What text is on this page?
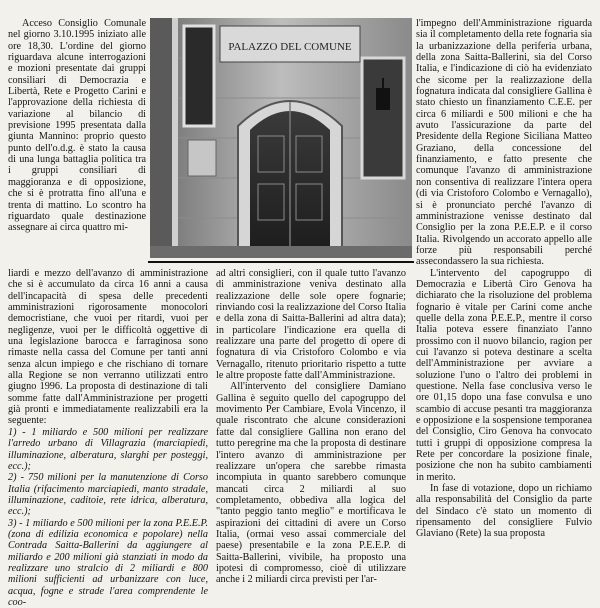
Acceso Consiglio Comunale nel giorno 3.10.1995 iniziato alle ore 18,30. L'ordine del giorno riguardava alcune interrogazioni e mozioni presentate dai gruppi consiliari di Democrazia e Libertà, Rete e Progetto Carini e l'approvazione della richiesta di variazione al bilancio di previsione 1995 presentata dalla giunta Mannino: proprio questo punto dell'o.d.g. è stato la causa di una lunga battaglia politica tra i gruppi consiliari di maggioranza e di opposizione, che si è protratta fino all'una e trenta di mattino. Lo scontro ha riguardato quale destinazione assegnare ai circa quattro mi-

PALAZZO DEL COMUNE

liardi e mezzo dell'avanzo di amministrazione che si è accumulato da circa 16 anni a causa dell'incapacità di spesa delle precedenti amministrazioni rigorosamente monocolori democristiane, che vuoi per ritardi, vuoi per negligenze, vuoi per le difficoltà oggettive di una legislazione barocca e farraginosa sono rimaste nella cassa del Comune per tanti anni senza alcun impiego e che rischiano di tornare alla Regione se non verranno utilizzati entro giugno 1996. La proposta di destinazione di tali somme fatte dall'Amministrazione per progetti già pronti e immediatamente realizzabili era la seguente:

1) - 1 miliardo e 500 milioni per realizzare l'arredo urbano di Villagrazia (marciapiedi, illuminazione, alberatura, slarghi per posteggi, ecc.);

2) - 750 milioni per la manutenzione di Corso Italia (rifacimento marciapiedi, manto stradale, illuminazione, caditoie, rete idrica, alberatura, ecc.);

3) - 1 miliardo e 500 milioni per la zona P.E.E.P. (zona di edilizia economica e popolare) nella Contrada Saitta-Ballerini da aggiungere al miliardo e 200 milioni già stanziati in modo da realizzare uno stralcio di 2 miliardi e 800 milioni sufficienti ad urbanizzare con luce, acqua, fogne e strade l'area comprendente le coo-

ad altri consiglieri, con il quale tutto l'avanzo di amministrazione veniva destinato alla realizzazione delle sole opere fognarie; rinviando così la realizzazione del Corso Italia e della zona di Saitta-Ballerini ad altra data); in particolare l'indicazione era quella di realizzare una parte del progetto di opere di fognatura di via Cristoforo Colombo e via Vernagallo, ritenuto prioritario rispetto a tutte le altre proposte fatte dall'Amministrazione.

All'intervento del consigliere Damiano Gallina è seguito quello del capogruppo del movimento Per Cambiare, Evola Vincenzo, il quale riscontrato che alcune considerazioni fatte dal consigliere Gallina non erano del tutto peregrine ma che la proposta di destinare l'intero avanzo di amministrazione per realizzare un'opera che sarebbe rimasta incompiuta in quanto sarebbero comunque mancati circa 2 miliardi al suo completamento, obbediva alla logica del "tanto peggio tanto meglio" e mortificava le aspirazioni dei cittadini di avere un Corso Italia, (ormai veso assai commerciale del paese) presentabile e la zona P.E.E.P. di Saitta-Ballerini, vivibile, ha proposto una ipotesi di compromesso, cioè di utilizzare anche i 2 miliardi circa previsti per l'ar-

l'impegno dell'Amministrazione riguarda sia il completamento della rete fognaria sia la urbanizzazione della periferia urbana, della zona Saitta-Ballerini, sia del Corso Italia, e l'indicazione di ciò ha evidenziato che sicome per la realizzazione della fognatura indicata dal consigliere Gallina è stato chiesto un finanziamento C.E.E. per circa 6 miliardi e 500 milioni e che ha avuto l'assicurazione da parte del Presidente della Regione Siciliana Matteo Graziano, della concessione del finanziamento, e fatto presente che comunque l'avanzo di amministrazione non consentiva di realizzare l'intera opera (di via Cristoforo Colombo e Vernagallo), si è pronunciato perché l'avanzo di amministrazione venisse destinato dal Consiglio per la zona P.E.E.P. e il corso Italia. Rivolgendo un accorato appello alle forze più responsabili perché assecondassero la sua richiesta.

L'intervento del capogruppo di Democrazia e Libertà Ciro Genova ha dichiarato che la risoluzione del problema fognario è vitale per Carini come anche quelle della zona P.E.E.P., mentre il corso Italia poteva essere finanziato l'anno prossimo con il nuovo bilancio, ragion per cui l'avanzo si poteva destinare a scelta dell'Amministrazione per avviare a soluzione l'uno o l'altro dei problemi in questione. Nella fase conclusiva verso le ore 01,15 dopo una fase convulsa e uno scambio di accuse pesanti tra maggioranza e opposizione e la sospensione temporanea del Consiglio, Ciro Genova ha convocato tutti i gruppi di opposizione compresa la Rete per concordare la posizione finale, posizione che non ha subito cambiamenti in merito.

In fase di votazione, dopo un richiamo alla responsabilità del Consiglio da parte del Sindaco c'è stato un momento di ripensamento del consigliere Fulvio Glaviano (Rete) la sua proposta
